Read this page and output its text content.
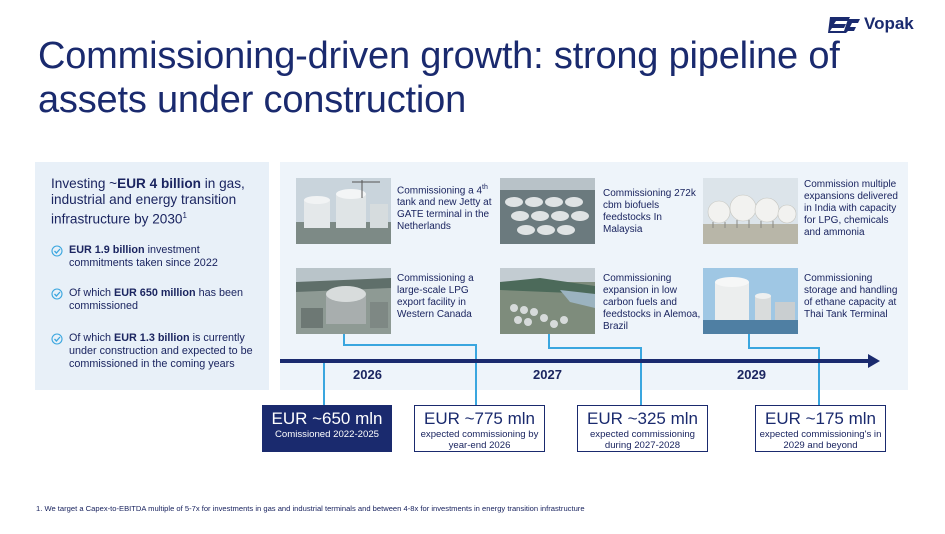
Commissioning-driven growth: strong pipeline of assets under construction
Vopak
Investing ~EUR 4 billion in gas, industrial and energy transition infrastructure by 2030$^1$
EUR 1.9 billion investment commitments taken since 2022
Of which EUR 650 million has been commissioned
Of which EUR 1.3 billion is currently under construction and expected to be commissioned in the coming years
Commissioning a 4th tank and new Jetty at GATE terminal in the Netherlands
Commissioning a large-scale LPG export facility in Western Canada
Commissioning 272k cbm biofuels feedstocks In Malaysia
Commissioning expansion in low carbon fuels and feedstocks in Alemoa, Brazil
Commission multiple expansions delivered in India with capacity for LPG, chemicals and ammonia
Commissioning storage and handling of ethane capacity at Thai Tank Terminal
2026	2027	2029
EUR ~650 mln
Comissioned 2022-2025
EUR ~775 mln
expected commissioning by year-end 2026
EUR ~325 mln
expected commissioning during 2027-2028
EUR ~175 mln
expected commissioning's in 2029 and beyond
1. We target a Capex-to-EBITDA multiple of 5-7x for investments in gas and industrial terminals and between 4-8x for investments in energy transition infrastructure
